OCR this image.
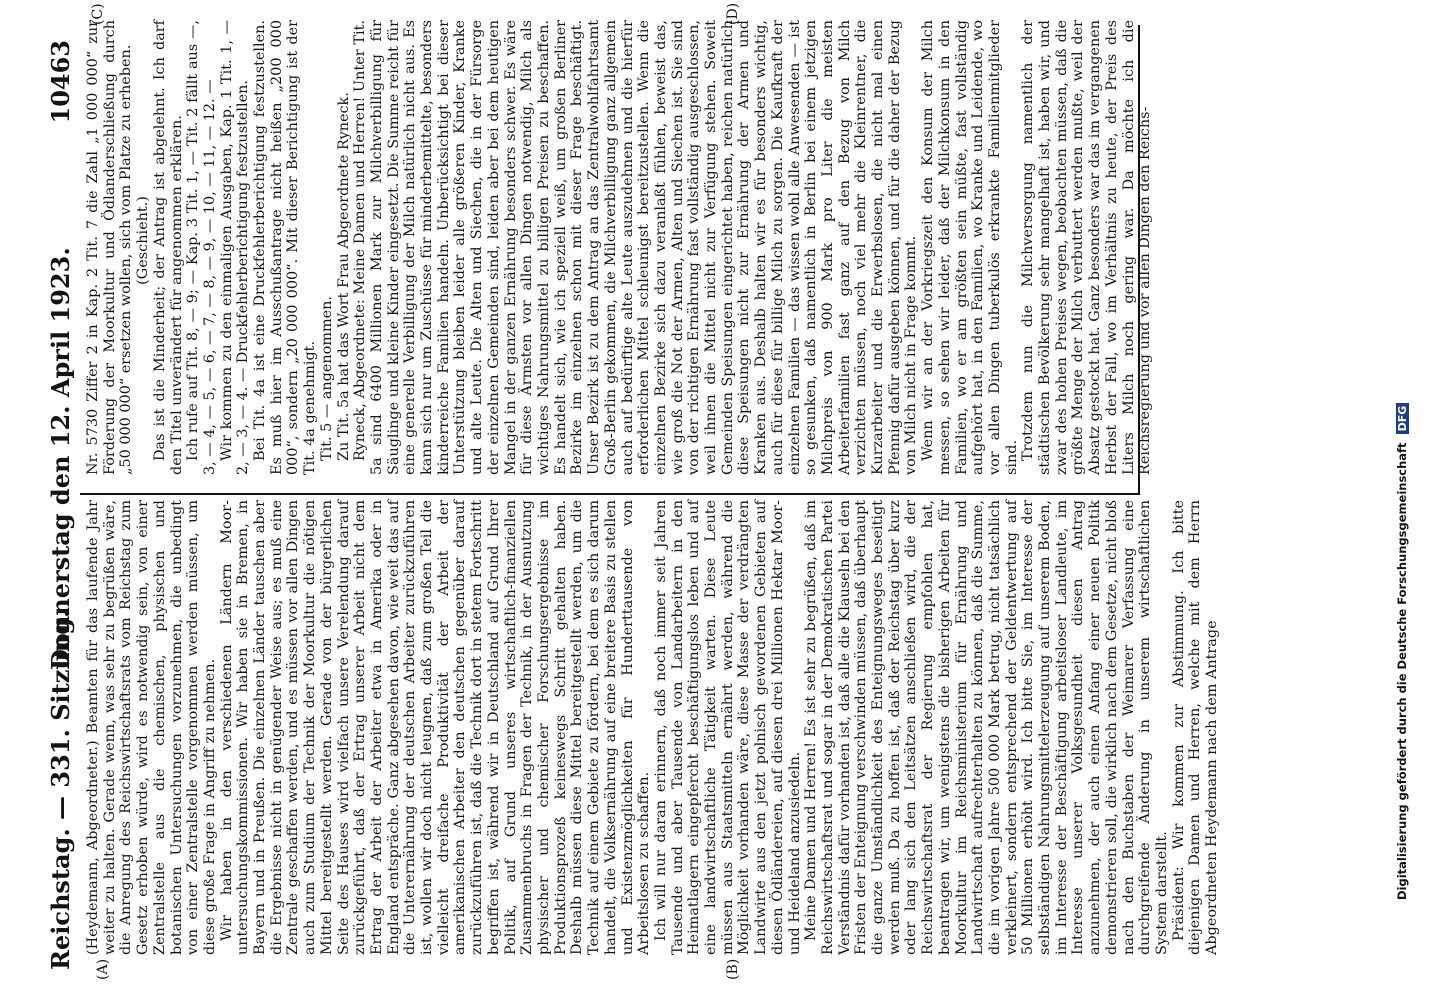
Reichstag. — 331. Sitzung.
Donnerstag den 12. April 1923.
10463
(A)	(B)
(C)	(D)

(Heydemann, Abgeordneter.) Beamten für das laufende Jahr weiter zu halten. Gerade wenn, was sehr zu begrüßen wäre, die Anregung des Reichswirtschaftsrats vom Reichstag zum Gesetz erhoben würde, wird es notwendig sein, von einer Zentralstelle aus die chemischen, physischen und botanischen Untersuchungen vorzunehmen, die unbedingt von einer Zentralstelle vorgenommen werden müssen, um diese große Frage in Angriff zu nehmen. Wir haben in den verschiedenen Ländern Moor-untersuchungskommissionen. Wir haben sie in Bremen, in Bayern und in Preußen. Die einzelnen Länder tauschen aber die Ergebnisse nicht in genügender Weise aus; es muß eine Zentrale geschaffen werden, und es müssen vor allen Dingen auch zum Studium der Technik der Moorkultur die nötigen Mittel bereitgestellt werden. Gerade von der bürgerlichen Seite des Hauses wird vielfach unsere Verelendung darauf zurückgeführt, daß der Ertrag unserer Arbeit nicht dem Ertrag der Arbeit der Arbeiter etwa in Amerika oder in England entspräche. Ganz abgesehen davon, wie weit das auf die Unterernährung der deutschen Arbeiter zurückzuführen ist, wollen wir doch nicht leugnen, daß zum großen Teil die vielleicht dreifache Produktivität der Arbeit der amerikanischen Arbeiter den deutschen gegenüber darauf zurückzuführen ist, daß die Technik dort in stetem Fortschritt begriffen ist, während wir in Deutschland auf Grund Ihrer Politik, auf Grund unseres wirtschaftlich-finanziellen Zusammenbruchs in Fragen der Technik, in der Ausnutzung physischer und chemischer Forschungsergebnisse im Produktionsprozeß keineswegs Schritt gehalten haben. Deshalb müssen diese Mittel bereitgestellt werden, um die Technik auf einem Gebiete zu fördern, bei dem es sich darum handelt, die Volksernährung auf eine breitere Basis zu stellen und Existenzmöglichkeiten für Hunderttausende von Arbeitslosen zu schaffen. Ich will nur daran erinnern, daß noch immer seit Jahren Tausende und aber Tausende von Landarbeitern in den Heimatlagern eingepfercht beschäftigungslos leben und auf eine landwirtschaftliche Tätigkeit warten. Diese Leute müssen aus Staatsmitteln ernährt werden, während die Möglichkeit vorhanden wäre, diese Masse der verdrängten Landwirte aus den jetzt polnisch gewordenen Gebieten auf diesen Ödländereien, auf diesen drei Millionen Hektar Moor- und Heideland anzusiedeln. Meine Damen und Herren! Es ist sehr zu begrüßen, daß im Reichswirtschaftsrat und sogar in der Demokratischen Partei Verständnis dafür vorhanden ist, daß alle die Klauseln bei den Fristen der Enteignung verschwinden müssen, daß überhaupt die ganze Umständlichkeit des Enteignungsweges beseitigt werden muß. Da zu hoffen ist, daß der Reichstag über kurz oder lang sich den Leitsätzen anschließen wird, die der Reichswirtschaftsrat der Regierung empfohlen hat, beantragen wir, um wenigstens die bisherigen Arbeiten für Moorkultur im Reichsministerium für Ernährung und Landwirtschaft aufrechterhalten zu können, daß die Summe, die im vorigen Jahre 500 000 Mark betrug, nicht tatsächlich verkleinert, sondern entsprechend der Geldentwertung auf 50 Millionen erhöht wird. Ich bitte Sie, im Interesse der selbständigen Nahrungsmittelerzeugung auf unserem Boden, im Interesse der Beschäftigung arbeitsloser Landleute, im Interesse unserer Volksgesundheit diesen Antrag anzunehmen, der auch einen Anfang einer neuen Politik demonstrieren soll, die wirklich nach dem Gesetze, nicht bloß nach den Buchstaben der Weimarer Verfassung eine durchgreifende Änderung in unserem wirtschaftlichen System darstellt. Präsident: Wir kommen zur Abstimmung. Ich bitte diejenigen Damen und Herren, welche mit dem Herrn Abgeordneten Heydemann nach dem Antrage

Nr. 5730 Ziffer 2 in Kap. 2 Tit. 7 die Zahl „1 000 000“ zur Förderung der Moorkultur und Ödlanderschließung durch „50 000 000“ ersetzen wollen, sich vom Platze zu erheben. (Geschieht.) Das ist die Minderheit; der Antrag ist abgelehnt. Ich darf den Titel unverändert für angenommen erklären. Ich rufe auf Tit. 8, — 9; — Kap. 3 Tit. 1, — Tit. 2 fällt aus —, 3, — 4, — 5, — 6, — 7, — 8, — 9, — 10, — 11, — 12. — Wir kommen zu den einmaligen Ausgaben, Kap. 1 Tit. 1, — 2, — 3, — 4. — Druckfehlerberichtigung festzustellen. Bei Tit. 4a ist eine Druckfehlerberichtigung festzustellen. Es muß hier im Ausschußantrage nicht heißen „200 000 000“, sondern „20 000 000“. Mit dieser Berichtigung ist der Tit. 4a genehmigt. Tit. 5 — angenommen. Zu Tit. 5a hat das Wort Frau Abgeordnete Ryneck. Ryneck, Abgeordnete: Meine Damen und Herren! Unter Tit. 5a sind 6400 Millionen Mark zur Milchverbilligung für Säuglinge und kleine Kinder eingesetzt. Die Summe reicht für eine generelle Verbilligung der Milch natürlich nicht aus. Es kann sich nur um Zuschüsse für minderbemittelte, besonders kinderreiche Familien handeln. Unberücksichtigt bei dieser Unterstützung bleiben leider alle größeren Kinder, Kranke und alte Leute. Die Alten und Siechen, die in der Fürsorge der einzelnen Gemeinden sind, leiden aber bei dem heutigen Mangel in der ganzen Ernährung besonders schwer. Es wäre für diese Ärmsten vor allen Dingen notwendig, Milch als wichtiges Nahrungsmittel zu billigen Preisen zu beschaffen. Es handelt sich, wie ich speziell weiß, um großen Berliner Bezirke im einzelnen schon mit dieser Frage beschäftigt. Unser Bezirk ist zu dem Antrag an das Zentralwohlfahrtsamt Groß-Berlin gekommen, die Milchverbilligung ganz allgemein auch auf bedürftige alte Leute auszudehnen und die hierfür erforderlichen Mittel schleunigst bereitzustellen. Wenn die einzelnen Bezirke sich dazu veranlaßt fühlen, beweist das, wie groß die Not der Armen, Alten und Siechen ist. Sie sind von der richtigen Ernährung fast vollständig ausgeschlossen, weil ihnen die Mittel nicht zur Verfügung stehen. Soweit Gemeinden Speisungen eingerichtet haben, reichen natürlich diese Speisungen nicht zur Ernährung der Armen und Kranken aus. Deshalb halten wir es für besonders wichtig, auch für diese für billige Milch zu sorgen. Die Kaufkraft der einzelnen Familien — das wissen wohl alle Anwesenden — ist so gesunken, daß namentlich in Berlin bei einem jetzigen Milchpreis von 900 Mark pro Liter die meisten Arbeiterfamilien fast ganz auf den Bezug von Milch verzichten müssen, noch viel mehr die Kleinrentner, die Kurzarbeiter und die Erwerbslosen, die nicht mal einen Pfennig dafür ausgeben können, und für die daher der Bezug von Milch nicht in Frage kommt. Wenn wir an der Vorkriegszeit den Konsum der Milch messen, so sehen wir leider, daß der Milchkonsum in den Familien, wo er am größten sein müßte, fast vollständig aufgehört hat, in den Familien, wo Kranke und Leidende, wo vor allen Dingen tuberkulös erkrankte Familienmitglieder sind. Trotzdem nun die Milchversorgung namentlich der städtischen Bevölkerung sehr mangelhaft ist, haben wir, und zwar des hohen Preises wegen, beobachten müssen, daß die größte Menge der Milch verbuttert werden mußte, weil der Absatz gestockt hat. Ganz besonders war das im vergangenen Herbst der Fall, wo im Verhältnis zu heute, der Preis des Liters Milch noch gering war. Da möchte ich die Reichsregierung und vor allen Dingen den Reichs-

Digitalisierung gefördert durch die Deutsche Forschungsgemeinschaft DFG
